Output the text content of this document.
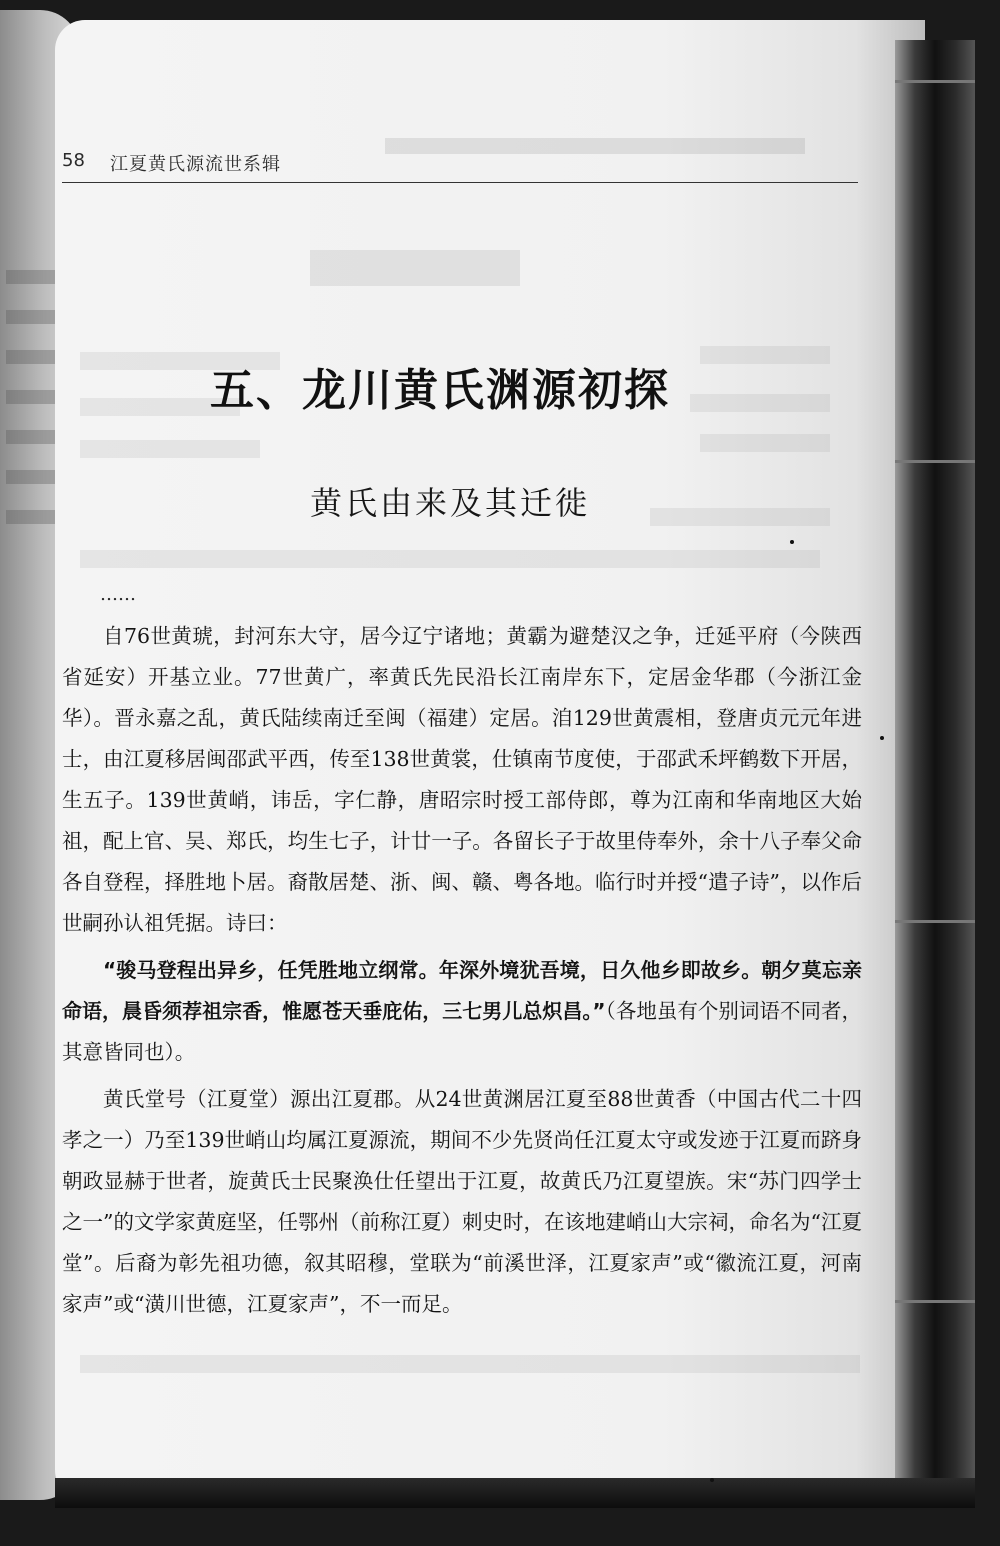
58 江夏黄氏源流世系辑
五、龙川黄氏渊源初探
黄氏由来及其迁徙
……

自76世黄琥，封河东大守，居今辽宁诸地；黄霸为避楚汉之争，迁延平府（今陕西省延安）开基立业。77世黄广，率黄氏先民沿长江南岸东下，定居金华郡（今浙江金华）。晋永嘉之乱，黄氏陆续南迁至闽（福建）定居。洎129世黄震相，登唐贞元元年进士，由江夏移居闽邵武平西，传至138世黄裳，仕镇南节度使，于邵武禾坪鹤数下开居，生五子。139世黄峭，讳岳，字仁静，唐昭宗时授工部侍郎，尊为江南和华南地区大始祖，配上官、吴、郑氏，均生七子，计廿一子。各留长子于故里侍奉外，余十八子奉父命各自登程，择胜地卜居。裔散居楚、浙、闽、赣、粤各地。临行时并授“遣子诗”，以作后世嗣孙认祖凭据。诗曰：

“骏马登程出异乡，任凭胜地立纲常。年深外境犹吾境，日久他乡即故乡。朝夕莫忘亲命语，晨昏须荐祖宗香，惟愿苍天垂庇佑，三七男儿总炽昌。”（各地虽有个别词语不同者，其意皆同也）。

黄氏堂号（江夏堂）源出江夏郡。从24世黄渊居江夏至88世黄香（中国古代二十四孝之一）乃至139世峭山均属江夏源流，期间不少先贤尚任江夏太守或发迹于江夏而跻身朝政显赫于世者，旋黄氏士民聚涣仕任望出于江夏，故黄氏乃江夏望族。宋“苏门四学士之一”的文学家黄庭坚，任鄂州（前称江夏）刺史时，在该地建峭山大宗祠，命名为“江夏堂”。后裔为彰先祖功德，叙其昭穆，堂联为“前溪世泽，江夏家声”或“徽流江夏，河南家声”或“潢川世德，江夏家声”，不一而足。
